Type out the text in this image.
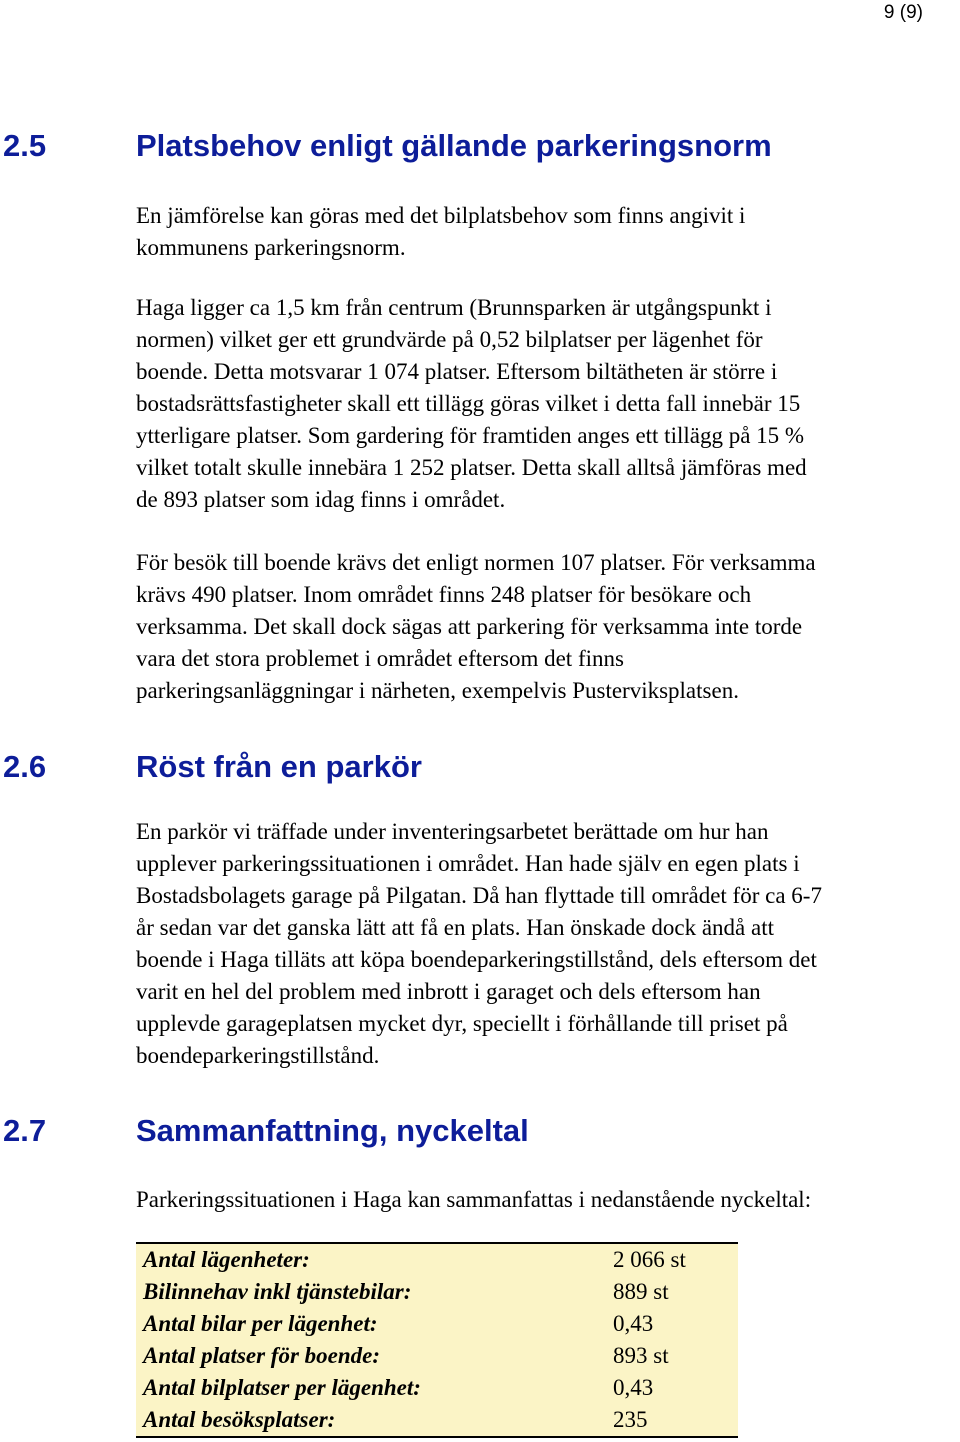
9 (9)
2.5	Platsbehov enligt gällande parkeringsnorm
En jämförelse kan göras med det bilplatsbehov som finns angivit i
kommunens parkeringsnorm.
Haga ligger ca 1,5 km från centrum (Brunnsparken är utgångspunkt i
normen) vilket ger ett grundvärde på 0,52 bilplatser per lägenhet för
boende. Detta motsvarar 1 074 platser. Eftersom biltätheten är större i
bostadsrättsfastigheter skall ett tillägg göras vilket i detta fall innebär 15
ytterligare platser. Som gardering för framtiden anges ett tillägg på 15 %
vilket totalt skulle innebära 1 252 platser. Detta skall alltså jämföras med
de 893 platser som idag finns i området.
För besök till boende krävs det enligt normen 107 platser. För verksamma
krävs 490 platser. Inom området finns 248 platser för besökare och
verksamma. Det skall dock sägas att parkering för verksamma inte torde
vara det stora problemet i området eftersom det finns
parkeringsanläggningar i närheten, exempelvis Pusterviksplatsen.
2.6	Röst från en parkör
En parkör vi träffade under inventeringsarbetet berättade om hur han
upplever parkeringssituationen i området. Han hade själv en egen plats i
Bostadsbolagets garage på Pilgatan. Då han flyttade till området för ca 6-7
år sedan var det ganska lätt att få en plats. Han önskade dock ändå att
boende i Haga tilläts att köpa boendeparkeringstillstånd, dels eftersom det
varit en hel del problem med inbrott i garaget och dels eftersom han
upplevde garageplatsen mycket dyr, speciellt i förhållande till priset på
boendeparkeringstillstånd.
2.7	Sammanfattning, nyckeltal
Parkeringssituationen i Haga kan sammanfattas i nedanstående nyckeltal:
Antal lägenheter:	2 066 st
Bilinnehav inkl tjänstebilar:	889 st
Antal bilar per lägenhet:	0,43
Antal platser för boende:	893 st
Antal bilplatser per lägenhet:	0,43
Antal besöksplatser:	235
